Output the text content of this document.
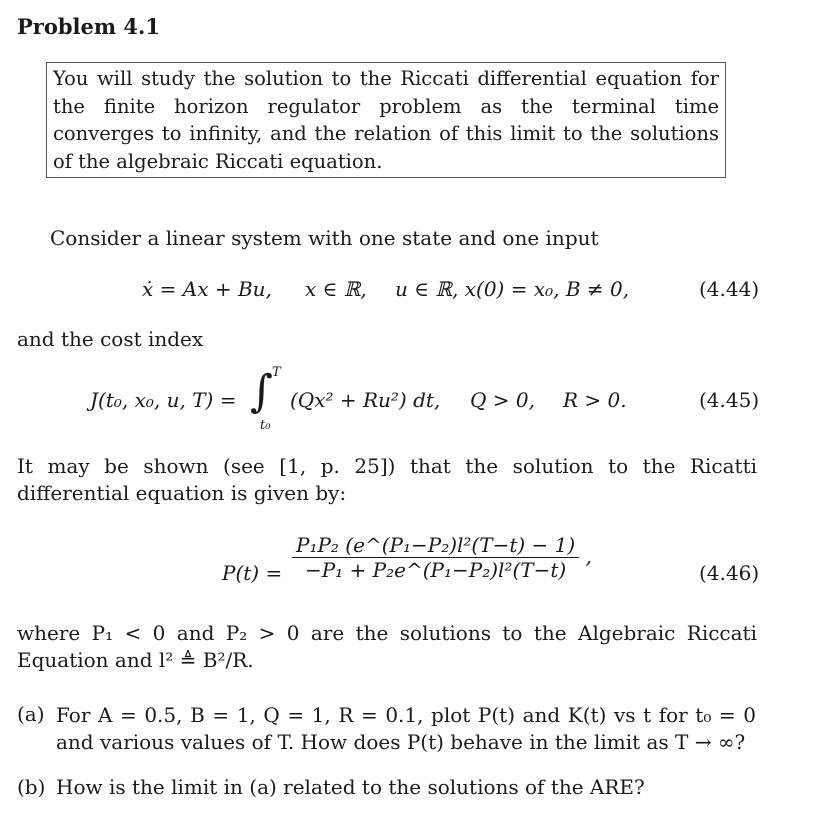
Problem 4.1
You will study the solution to the Riccati differential equation for the finite horizon regulator problem as the terminal time converges to infinity, and the relation of this limit to the solutions of the algebraic Riccati equation.
Consider a linear system with one state and one input
ẋ = Ax + Bu, x ∈ ℝ, u ∈ ℝ, x(0) = x₀, B ≠ 0,	(4.44)
and the cost index
J(t₀, x₀, u, T) = ∫ T
t₀
(Qx² + Ru²) dt, Q > 0, R > 0.	(4.45)
It may be shown (see [1, p. 25]) that the solution to the Ricatti differential equation is given by:
$P(t) = \frac{\text{P₁P₂ (e\textasciicircum{}(P₁−P₂)l²(T−t) − 1)}}{\text{−P₁ + P₂e\textasciicircum{}(P₁−P₂)l²(T−t)}}$ ,
(4.46)
where P₁ < 0 and P₂ > 0 are the solutions to the Algebraic Riccati Equation and l² ≜ B²/R.
(a) For A = 0.5, B = 1, Q = 1, R = 0.1, plot P(t) and K(t) vs t for t₀ = 0 and various values of T. How does P(t) behave in the limit as T → ∞?
(b) How is the limit in (a) related to the solutions of the ARE?
